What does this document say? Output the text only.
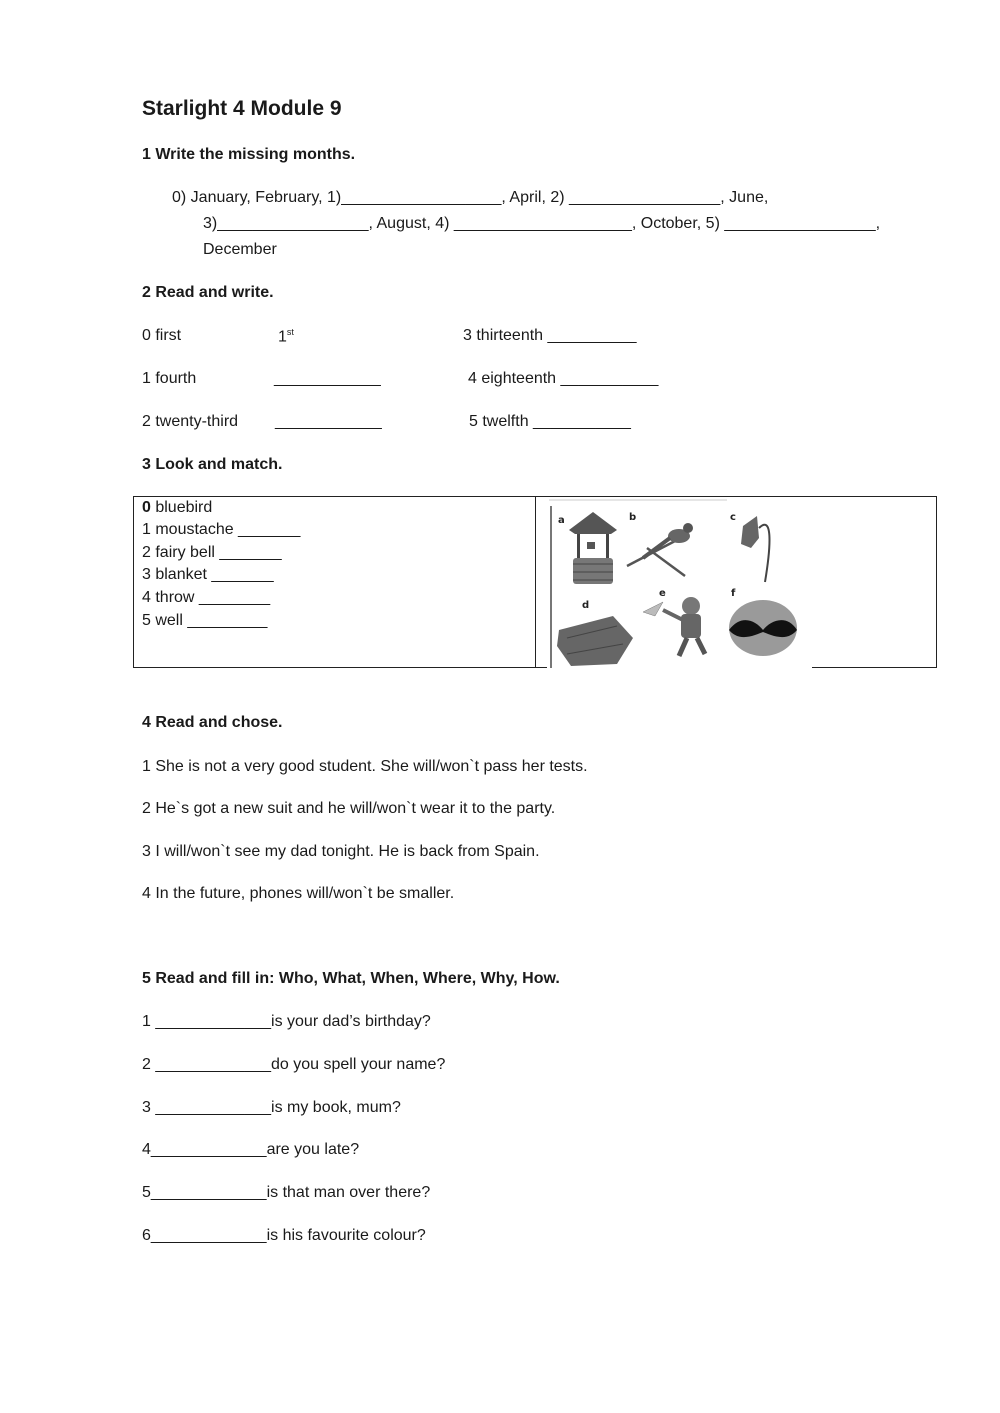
Starlight 4 Module 9
1 Write the missing months.
0) January, February, 1)__________________, April, 2) _________________, June,
3)_________________, August, 4) ____________________, October, 5) _________________,
December
2 Read and write.
0 first	1st	3 thirteenth __________
1 fourth	____________	4 eighteenth ___________
2 twenty-third ____________	5 twelfth ___________
3 Look and match.
0 bluebird
1 moustache _______
2 fairy bell _______
3 blanket _______
4 throw ________
5 well _________
a	b	c
d
e	f
4 Read and chose.
1 She is not a very good student. She will/won`t pass her tests.
2 He`s got a new suit and he will/won`t wear it to the party.
3 I will/won`t see my dad tonight. He is back from Spain.
4 In the future, phones will/won`t be smaller.
5 Read and fill in: Who, What, When, Where, Why, How.
1 _____________is your dad’s birthday?
2 _____________do you spell your name?
3 _____________is my book, mum?
4_____________are you late?
5_____________is that man over there?
6_____________is his favourite colour?
